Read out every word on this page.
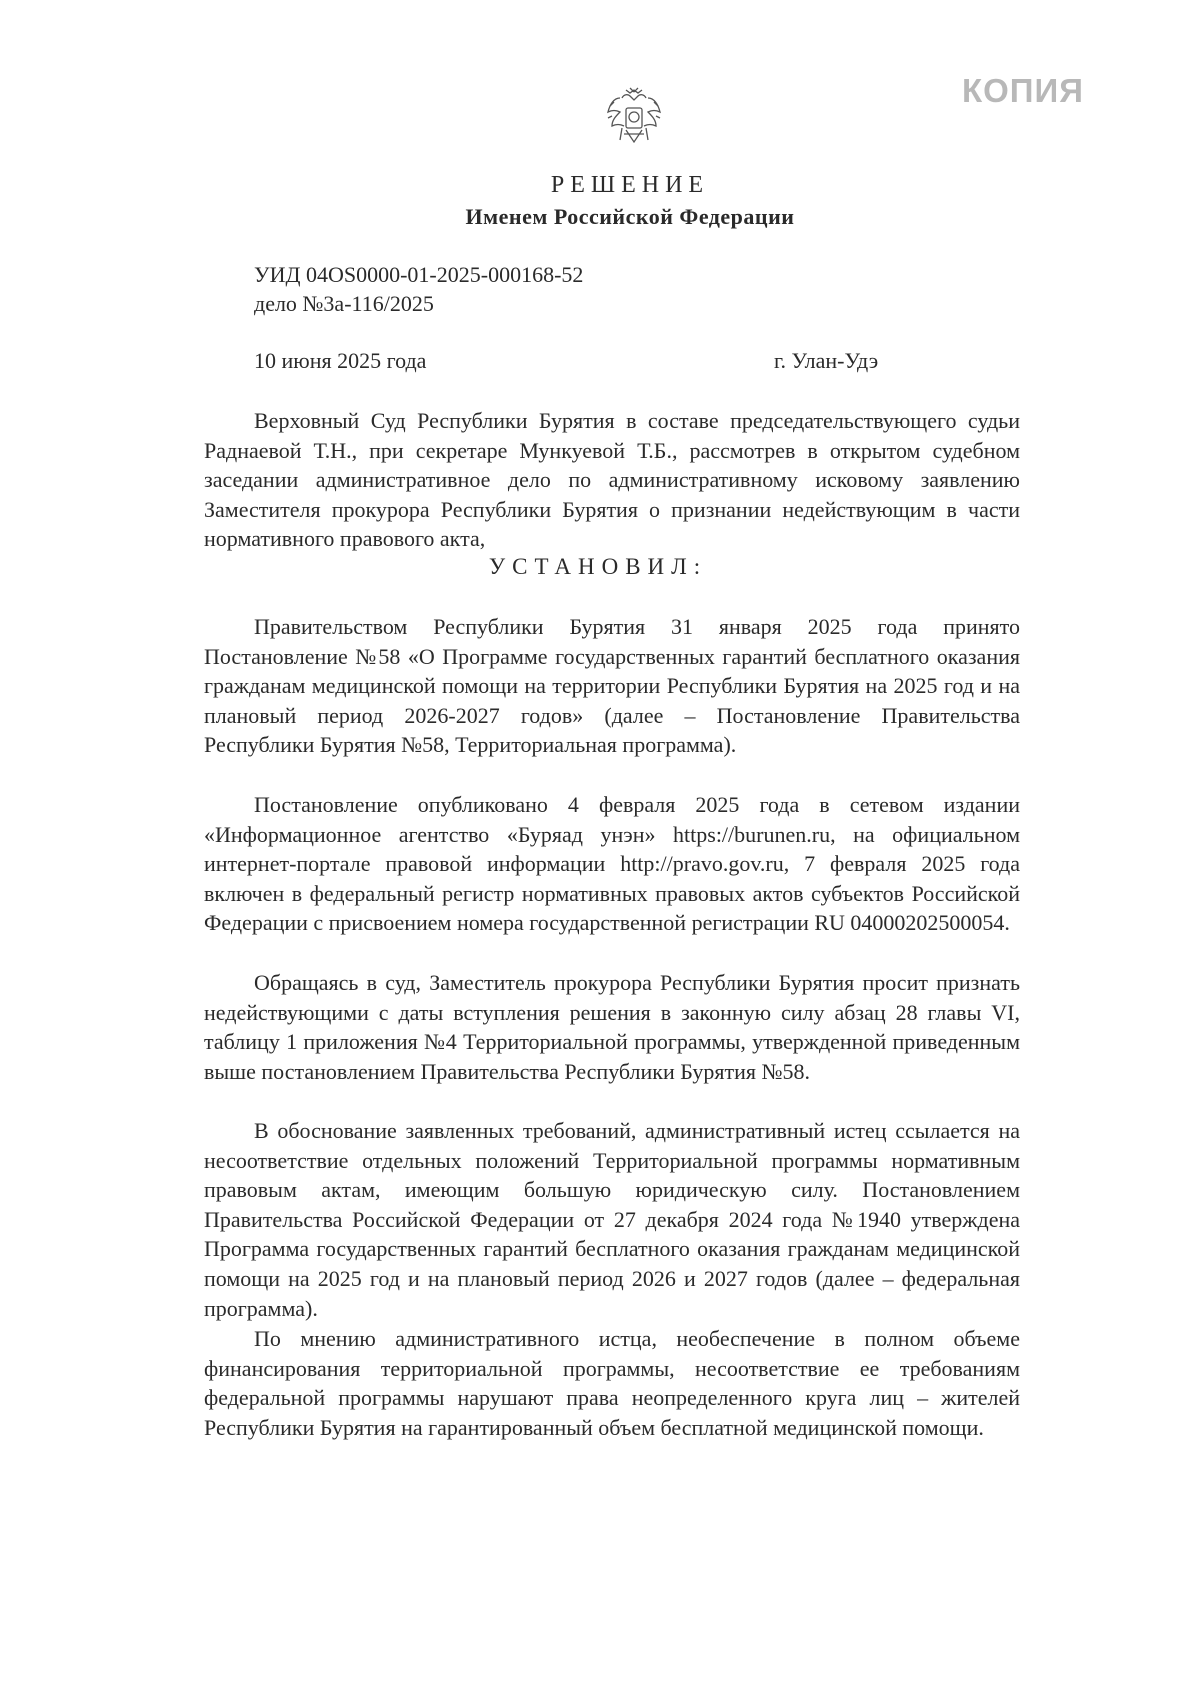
КОПИЯ
РЕШЕНИЕ
Именем Российской Федерации
УИД 04OS0000-01-2025-000168-52
дело №3а-116/2025
10 июня 2025 года	г. Улан-Удэ

Верховный Суд Республики Бурятия в составе председательствующего судьи Раднаевой Т.Н., при секретаре Мункуевой Т.Б., рассмотрев в открытом судебном заседании административное дело по административному исковому заявлению Заместителя прокурора Республики Бурятия о признании недействующим в части нормативного правового акта,

УСТАНОВИЛ:

Правительством Республики Бурятия 31 января 2025 года принято Постановление №58 «О Программе государственных гарантий бесплатного оказания гражданам медицинской помощи на территории Республики Бурятия на 2025 год и на плановый период 2026-2027 годов» (далее – Постановление Правительства Республики Бурятия №58, Территориальная программа).

Постановление опубликовано 4 февраля 2025 года в сетевом издании «Информационное агентство «Буряад унэн» https://burunen.ru, на официальном интернет-портале правовой информации http://pravo.gov.ru, 7 февраля 2025 года включен в федеральный регистр нормативных правовых актов субъектов Российской Федерации с присвоением номера государственной регистрации RU 04000202500054.

Обращаясь в суд, Заместитель прокурора Республики Бурятия просит признать недействующими с даты вступления решения в законную силу абзац 28 главы VI, таблицу 1 приложения №4 Территориальной программы, утвержденной приведенным выше постановлением Правительства Республики Бурятия №58.

В обоснование заявленных требований, административный истец ссылается на несоответствие отдельных положений Территориальной программы нормативным правовым актам, имеющим большую юридическую силу. Постановлением Правительства Российской Федерации от 27 декабря 2024 года №1940 утверждена Программа государственных гарантий бесплатного оказания гражданам медицинской помощи на 2025 год и на плановый период 2026 и 2027 годов (далее – федеральная программа).

По мнению административного истца, необеспечение в полном объеме финансирования территориальной программы, несоответствие ее требованиям федеральной программы нарушают права неопределенного круга лиц – жителей Республики Бурятия на гарантированный объем бесплатной медицинской помощи.
